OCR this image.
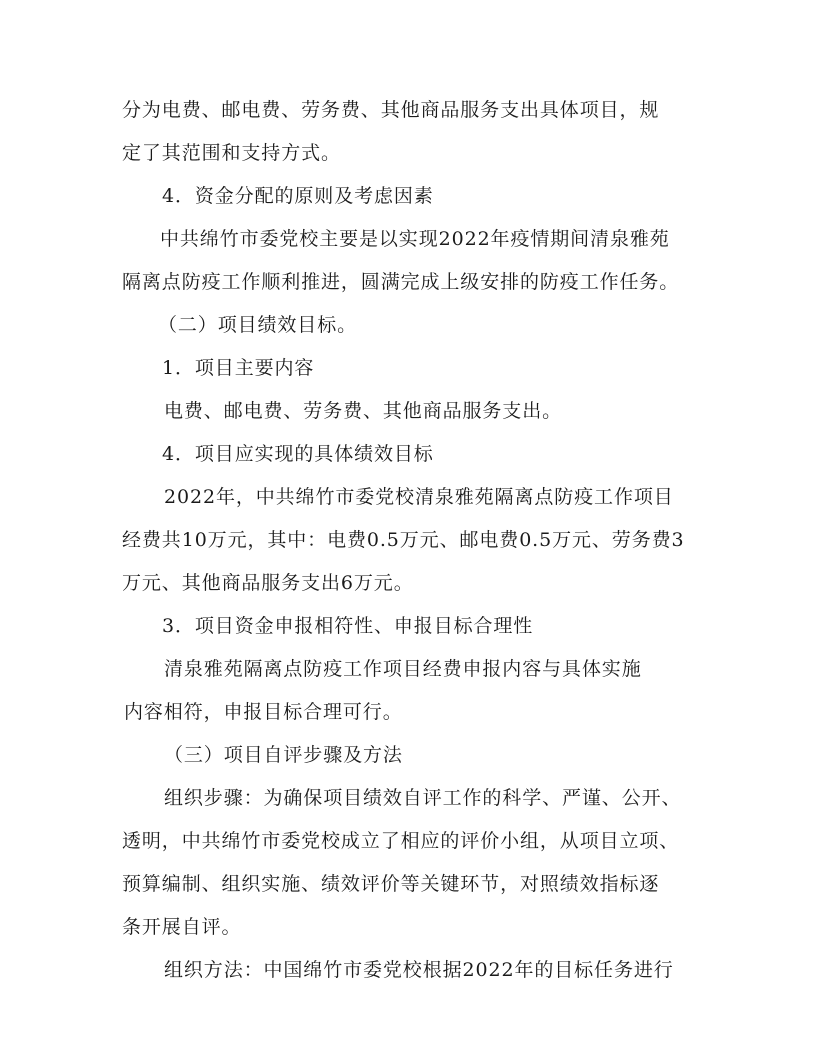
分为电费、邮电费、劳务费、其他商品服务支出具体项目，规
定了其范围和支持方式。
4．资金分配的原则及考虑因素
中共绵竹市委党校主要是以实现2022年疫情期间清泉雅苑
隔离点防疫工作顺利推进，圆满完成上级安排的防疫工作任务。
（二）项目绩效目标。
1．项目主要内容
电费、邮电费、劳务费、其他商品服务支出。
4．项目应实现的具体绩效目标
2022年，中共绵竹市委党校清泉雅苑隔离点防疫工作项目
经费共10万元，其中：电费0.5万元、邮电费0.5万元、劳务费3
万元、其他商品服务支出6万元。
3．项目资金申报相符性、申报目标合理性
清泉雅苑隔离点防疫工作项目经费申报内容与具体实施
内容相符，申报目标合理可行。
（三）项目自评步骤及方法
组织步骤：为确保项目绩效自评工作的科学、严谨、公开、
透明，中共绵竹市委党校成立了相应的评价小组，从项目立项、
预算编制、组织实施、绩效评价等关键环节，对照绩效指标逐
条开展自评。
组织方法：中国绵竹市委党校根据2022年的目标任务进行
